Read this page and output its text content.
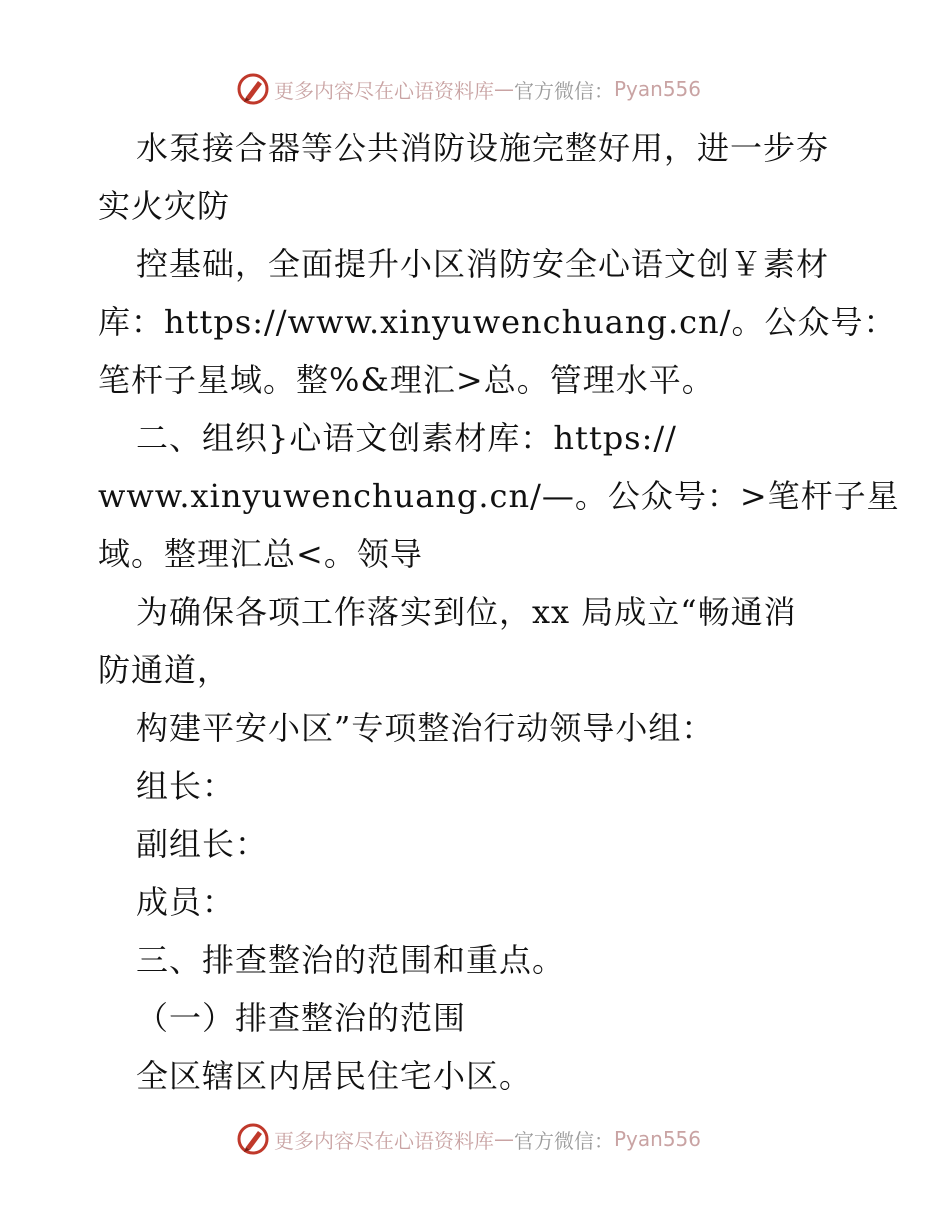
更多内容尽在心语资料库 — 官方微信： Pyan556
水泵接合器等公共消防设施完整好用，进一步夯
实火灾防
控基础，全面提升小区消防安全心语文创￥素材
库：https://www.xinyuwenchuang.cn/。公众号：
笔杆子星域。整%&理汇>总。管理水平。
二、组织}心语文创素材库：https://
www.xinyuwenchuang.cn/—。公众号：>笔杆子星
域。整理汇总<。领导
为确保各项工作落实到位，xx 局成立“畅通消
防通道，
构建平安小区”专项整治行动领导小组：
组长：
副组长：
成员：
三、排查整治的范围和重点。
（一）排查整治的范围
全区辖区内居民住宅小区。
更多内容尽在心语资料库 — 官方微信： Pyan556
